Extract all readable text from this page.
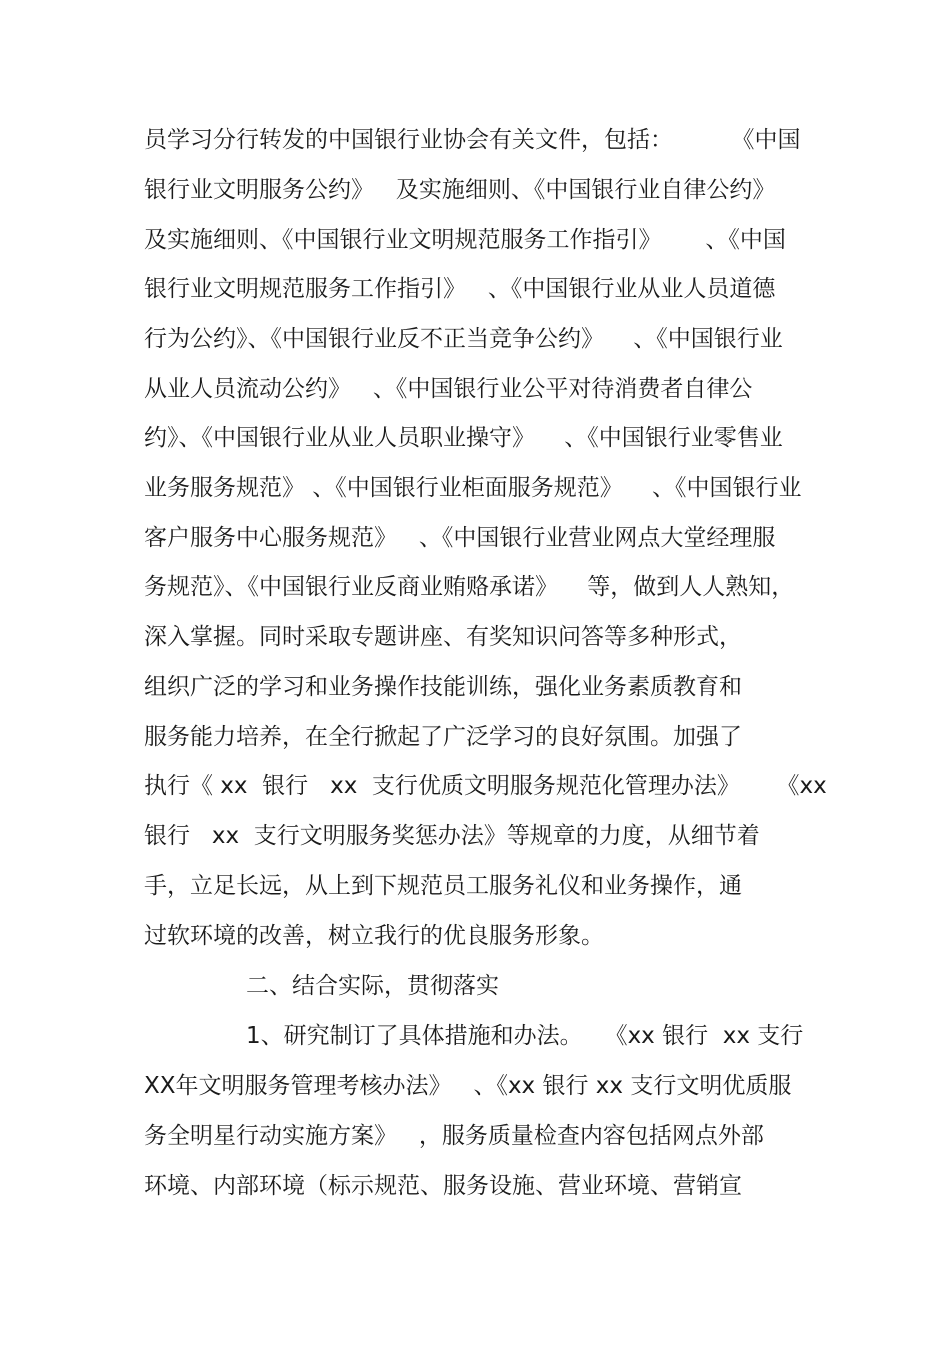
员学习分行转发的中国银行业协会有关文件，包括：        《中国
银行业文明服务公约》   及实施细则、《中国银行业自律公约》
及实施细则、《中国银行业文明规范服务工作指引》      、《中国
银行业文明规范服务工作指引》   、《中国银行业从业人员道德
行为公约》、《中国银行业反不正当竞争公约》    、《中国银行业
从业人员流动公约》   、《中国银行业公平对待消费者自律公
约》、《中国银行业从业人员职业操守》    、《中国银行业零售业
业务服务规范》 、《中国银行业柜面服务规范》    、《中国银行业
客户服务中心服务规范》   、《中国银行业营业网点大堂经理服
务规范》、《中国银行业反商业贿赂承诺》    等，做到人人熟知，
深入掌握。同时采取专题讲座、有奖知识问答等多种形式，
组织广泛的学习和业务操作技能训练，强化业务素质教育和
服务能力培养，在全行掀起了广泛学习的良好氛围。加强了
执行《 xx  银行   xx  支行优质文明服务规范化管理办法》     《xx
银行   xx  支行文明服务奖惩办法》等规章的力度，从细节着
手，立足长远，从上到下规范员工服务礼仪和业务操作，通
过软环境的改善，树立我行的优良服务形象。
二、结合实际，贯彻落实
1、研究制订了具体措施和办法。   《xx 银行  xx 支行
XX年文明服务管理考核办法》   、《xx 银行 xx 支行文明优质服
务全明星行动实施方案》   ，服务质量检查内容包括网点外部
环境、内部环境（标示规范、服务设施、营业环境、营销宣
